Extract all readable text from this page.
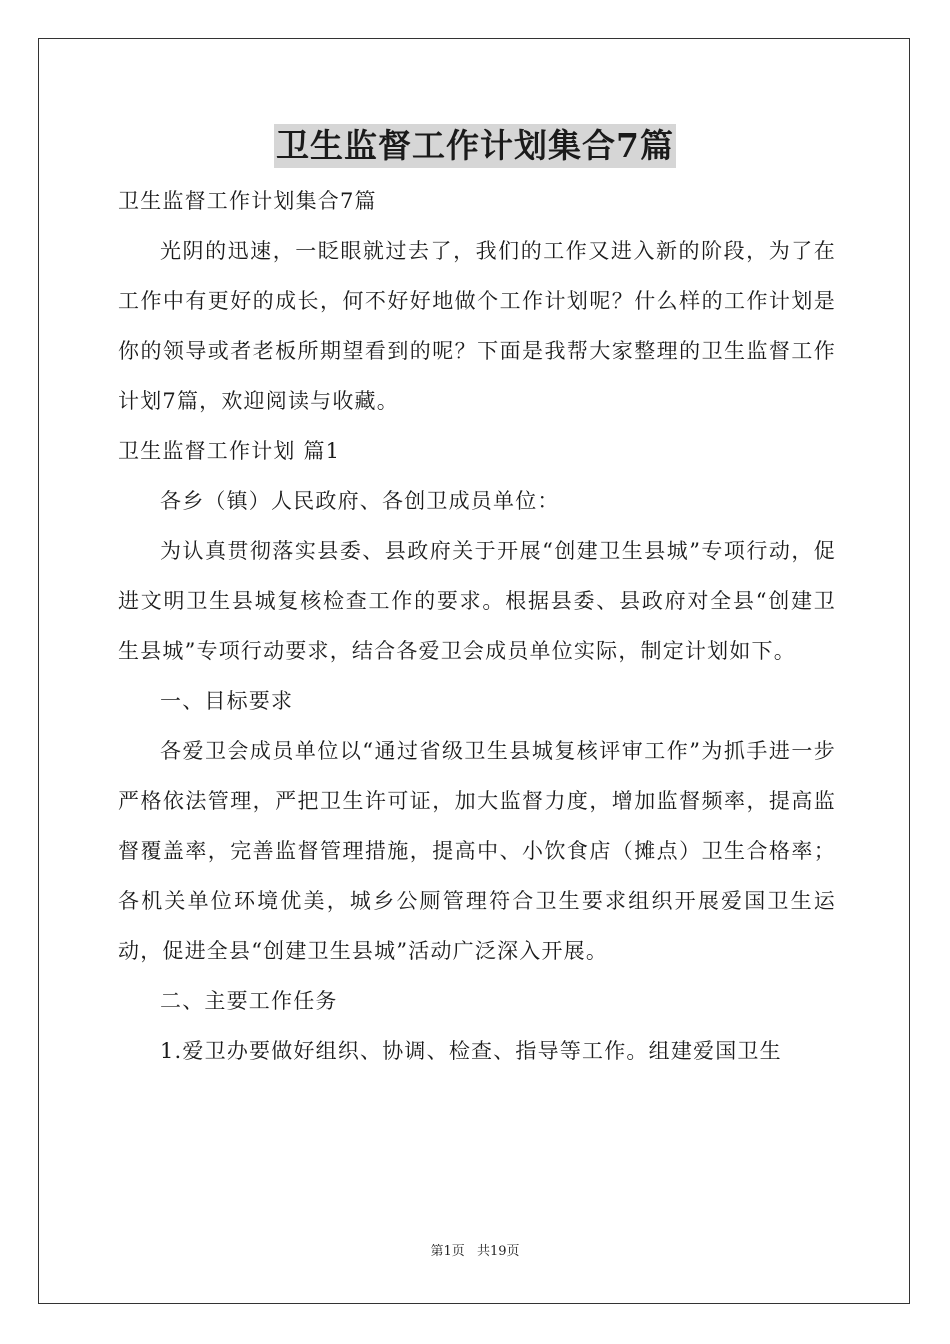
卫生监督工作计划集合7篇

卫生监督工作计划集合7篇

光阴的迅速，一眨眼就过去了，我们的工作又进入新的阶段，为了在工作中有更好的成长，何不好好地做个工作计划呢？什么样的工作计划是你的领导或者老板所期望看到的呢？下面是我帮大家整理的卫生监督工作计划7篇，欢迎阅读与收藏。

卫生监督工作计划 篇1

各乡（镇）人民政府、各创卫成员单位：

为认真贯彻落实县委、县政府关于开展“创建卫生县城”专项行动，促进文明卫生县城复核检查工作的要求。根据县委、县政府对全县“创建卫生县城”专项行动要求，结合各爱卫会成员单位实际，制定计划如下。

一、目标要求

各爱卫会成员单位以“通过省级卫生县城复核评审工作”为抓手进一步严格依法管理，严把卫生许可证，加大监督力度，增加监督频率，提高监督覆盖率，完善监督管理措施，提高中、小饮食店（摊点）卫生合格率；各机关单位环境优美，城乡公厕管理符合卫生要求组织开展爱国卫生运动，促进全县“创建卫生县城”活动广泛深入开展。

二、主要工作任务

1.爱卫办要做好组织、协调、检查、指导等工作。组建爱国卫生

第1页 共19页
